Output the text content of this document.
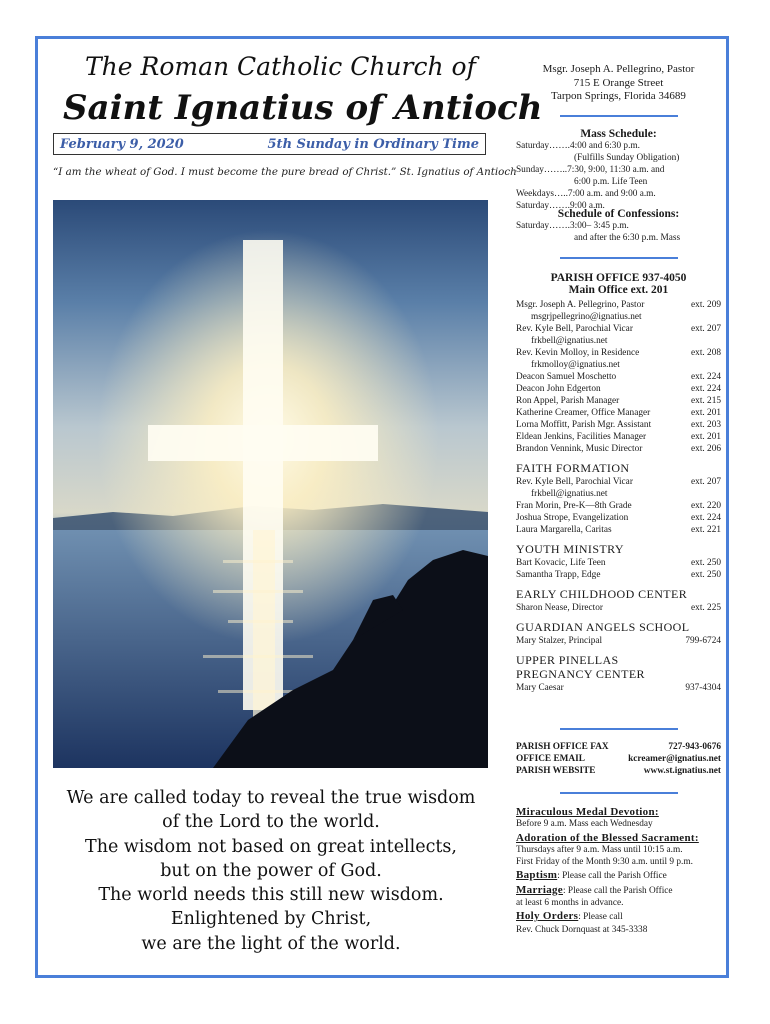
The Roman Catholic Church of
Saint Ignatius of Antioch
February 9, 2020	5th Sunday in Ordinary Time
“I am the wheat of God. I must become the pure bread of Christ.” St. Ignatius of Antioch
We are called today to reveal the true wisdom
of the Lord to the world.
The wisdom not based on great intellects,
but on the power of God.
The world needs this still new wisdom.
Enlightened by Christ,
we are the light of the world.
Msgr. Joseph A. Pellegrino, Pastor
715 E Orange Street
Tarpon Springs, Florida 34689
Mass Schedule:
Saturday…….4:00 and 6:30 p.m.
(Fulfills Sunday Obligation)
Sunday……..7:30, 9:00, 11:30 a.m. and
6:00 p.m. Life Teen
Weekdays…..7:00 a.m. and 9:00 a.m.
Saturday…….9:00 a.m.
Schedule of Confessions:
Saturday…….3:00– 3:45 p.m.
and after the 6:30 p.m. Mass
PARISH OFFICE 937-4050
Main Office ext. 201
Msgr. Joseph A. Pellegrino, Pastor	ext. 209
msgrjpellegrino@ignatius.net
Rev. Kyle Bell, Parochial Vicar	ext. 207
frkbell@ignatius.net
Rev. Kevin Molloy, in Residence	ext. 208
frkmolloy@ignatius.net
Deacon Samuel Moschetto	ext. 224
Deacon John Edgerton	ext. 224
Ron Appel, Parish Manager	ext. 215
Katherine Creamer, Office Manager	ext. 201
Lorna Moffitt, Parish Mgr. Assistant	ext. 203
Eldean Jenkins, Facilities Manager	ext. 201
Brandon Vennink, Music Director	ext. 206
FAITH FORMATION
Rev. Kyle Bell, Parochial Vicar	ext. 207
frkbell@ignatius.net
Fran Morin, Pre-K—8th Grade	ext. 220
Joshua Strope, Evangelization	ext. 224
Laura Margarella, Caritas	ext. 221
YOUTH MINISTRY
Bart Kovacic, Life Teen	ext. 250
Samantha Trapp, Edge	ext. 250
EARLY CHILDHOOD CENTER
Sharon Nease, Director	ext. 225
GUARDIAN ANGELS SCHOOL
Mary Stalzer, Principal	799-6724
UPPER PINELLAS
PREGNANCY CENTER
Mary Caesar	937-4304
PARISH OFFICE FAX	727-943-0676
OFFICE EMAIL	kcreamer@ignatius.net
PARISH WEBSITE	www.st.ignatius.net
Miraculous Medal Devotion:
Before 9 a.m. Mass each Wednesday
Adoration of the Blessed Sacrament:
Thursdays after 9 a.m. Mass until 10:15 a.m.
First Friday of the Month 9:30 a.m. until 9 p.m.
Baptism: Please call the Parish Office
Marriage: Please call the Parish Office
at least 6 months in advance.
Holy Orders: Please call
Rev. Chuck Dornquast at 345-3338
